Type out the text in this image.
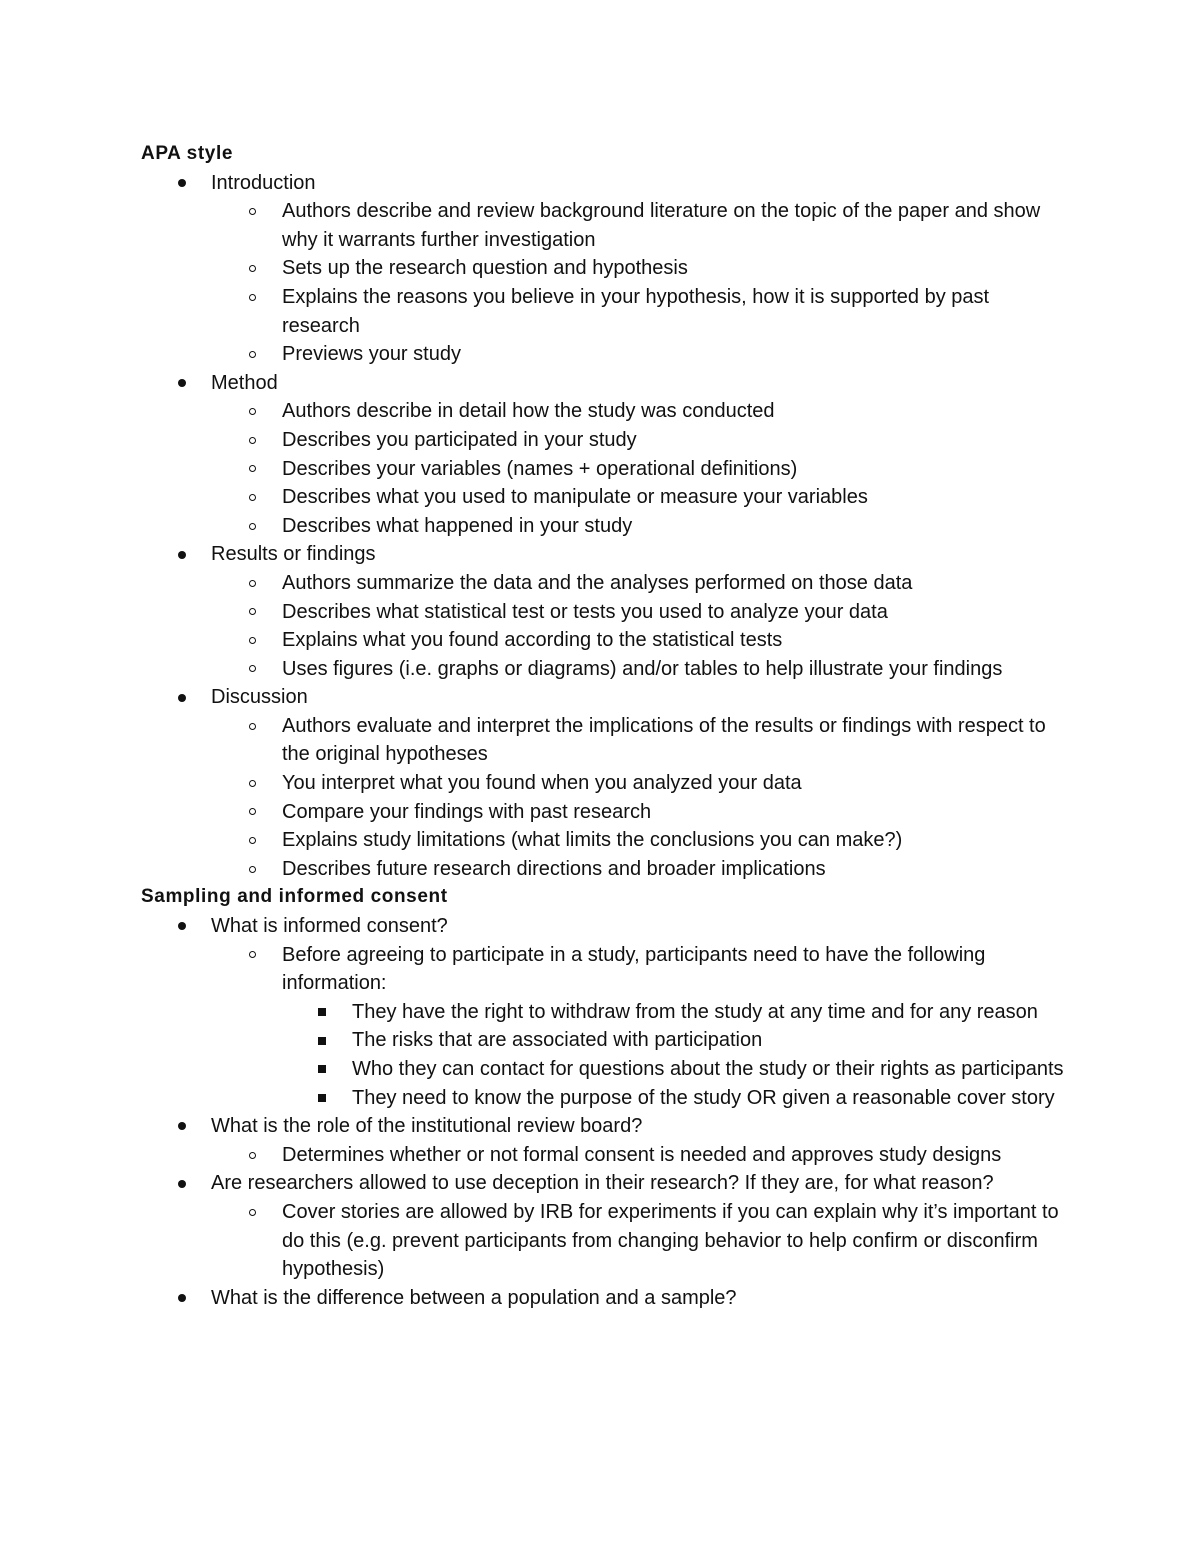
APA style
Introduction
Authors describe and review background literature on the topic of the paper and show why it warrants further investigation
Sets up the research question and hypothesis
Explains the reasons you believe in your hypothesis, how it is supported by past research
Previews your study
Method
Authors describe in detail how the study was conducted
Describes you participated in your study
Describes your variables (names + operational definitions)
Describes what you used to manipulate or measure your variables
Describes what happened in your study
Results or findings
Authors summarize the data and the analyses performed on those data
Describes what statistical test or tests you used to analyze your data
Explains what you found according to the statistical tests
Uses figures (i.e. graphs or diagrams) and/or tables to help illustrate your findings
Discussion
Authors evaluate and interpret the implications of the results or findings with respect to the original hypotheses
You interpret what you found when you analyzed your data
Compare your findings with past research
Explains study limitations (what limits the conclusions you can make?)
Describes future research directions and broader implications
Sampling and informed consent
What is informed consent?
Before agreeing to participate in a study, participants need to have the following information:
They have the right to withdraw from the study at any time and for any reason
The risks that are associated with participation
Who they can contact for questions about the study or their rights as participants
They need to know the purpose of the study OR given a reasonable cover story
What is the role of the institutional review board?
Determines whether or not formal consent is needed and approves study designs
Are researchers allowed to use deception in their research? If they are, for what reason?
Cover stories are allowed by IRB for experiments if you can explain why it’s important to do this (e.g. prevent participants from changing behavior to help confirm or disconfirm hypothesis)
What is the difference between a population and a sample?
